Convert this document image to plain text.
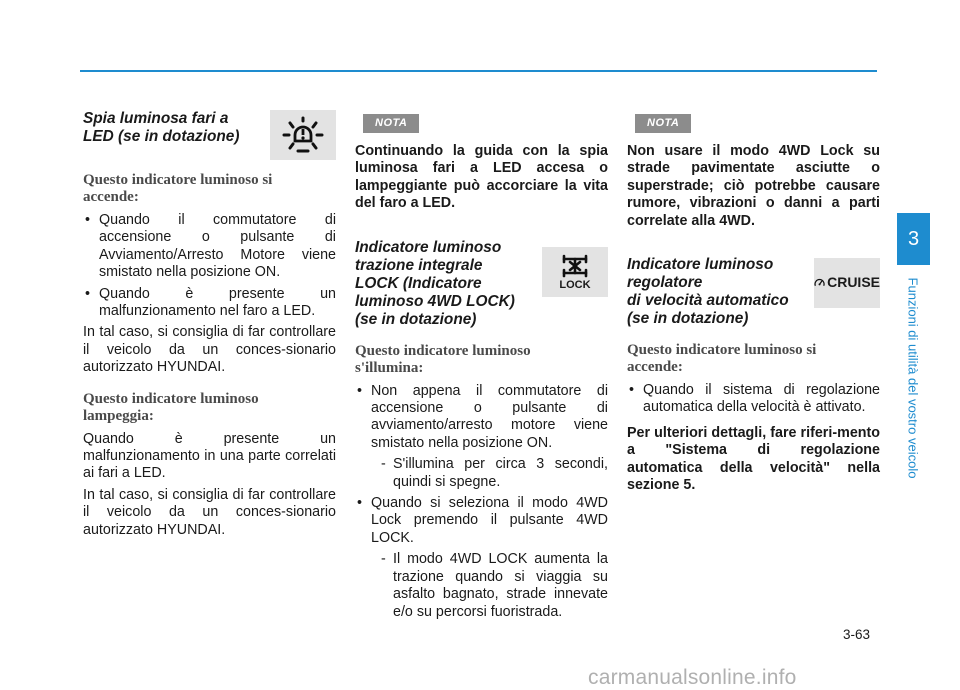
Spia luminosa fari a
LED (se in dotazione)
Questo indicatore luminoso si
accende:
• Quando il commutatore di accensione o pulsante di Avviamento/Arresto Motore viene smistato nella posizione ON.
• Quando è presente un malfunzionamento nel faro a LED.

In tal caso, si consiglia di far controllare il veicolo da un conces-sionario autorizzato HYUNDAI.

Questo indicatore luminoso
lampeggia:

Quando è presente un malfunzionamento in una parte correlati ai fari a LED.

In tal caso, si consiglia di far controllare il veicolo da un conces-sionario autorizzato HYUNDAI.

NOTA

Continuando la guida con la spia luminosa fari a LED accesa o lampeggiante può accorciare la vita del faro a LED.

Indicatore luminoso
trazione integrale
LOCK (Indicatore
luminoso 4WD LOCK)
(se in dotazione)
LOCK
Questo indicatore luminoso
s'illumina:
• Non appena il commutatore di accensione o pulsante di avviamento/arresto motore viene smistato nella posizione ON.
- S'illumina per circa 3 secondi, quindi si spegne.
• Quando si seleziona il modo 4WD Lock premendo il pulsante 4WD LOCK.
- Il modo 4WD LOCK aumenta la trazione quando si viaggia su asfalto bagnato, strade innevate e/o su percorsi fuoristrada.
NOTA

Non usare il modo 4WD Lock su strade pavimentate asciutte o superstrade; ciò potrebbe causare rumore, vibrazioni o danni a parti correlate alla 4WD.

Indicatore luminoso
regolatore
di velocità automatico
(se in dotazione)
CRUISE
Questo indicatore luminoso si
accende:
• Quando il sistema di regolazione automatica della velocità è attivato.

Per ulteriori dettagli, fare riferi-mento a "Sistema di regolazione automatica della velocità" nella sezione 5.

3
Funzioni di utilità del vostro veicolo
3-63
carmanualsonline.info
